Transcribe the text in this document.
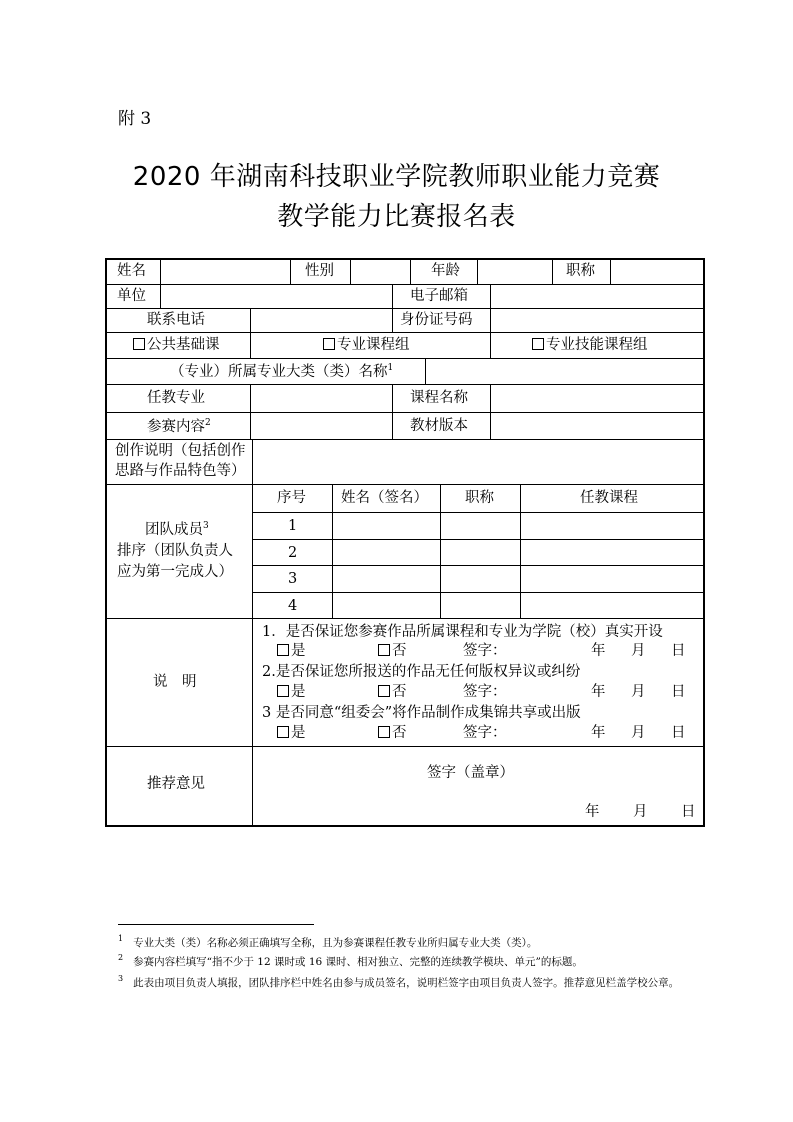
附 3
2020 年湖南科技职业学院教师职业能力竞赛
教学能力比赛报名表
姓名	性别	年龄	职称
单位	电子邮箱
联系电话	身份证号码
公共基础课	专业课程组	专业技能课程组
（专业）所属专业大类（类）名称$^1$
任教专业	课程名称
参赛内容$^2$	教材版本
创作说明（包括创作
思路与作品特色等）
团队成员$^3$
排序（团队负责人
应为第一完成人）
序号 姓名（签名）	职称	任教课程
1
2
3
4
说　明
1．是否保证您参赛作品所属课程和专业为学院（校）真实开设
是	否	签字：	年 月 日
2.是否保证您所报送的作品无任何版权异议或纠纷
是	否	签字：	年 月 日
3 是否同意“组委会”将作品制作成集锦共享或出版
是	否	签字：	年 月 日
推荐意见
签字（盖章）
年 月 日
$^1$ 专业大类（类）名称必须正确填写全称，且为参赛课程任教专业所归属专业大类（类）。
$^2$ 参赛内容栏填写“指不少于 12 课时或 16 课时、相对独立、完整的连续教学模块、单元”的标题。
$^3$ 此表由项目负责人填报，团队排序栏中姓名由参与成员签名，说明栏签字由项目负责人签字。推荐意见栏盖学校公章。
